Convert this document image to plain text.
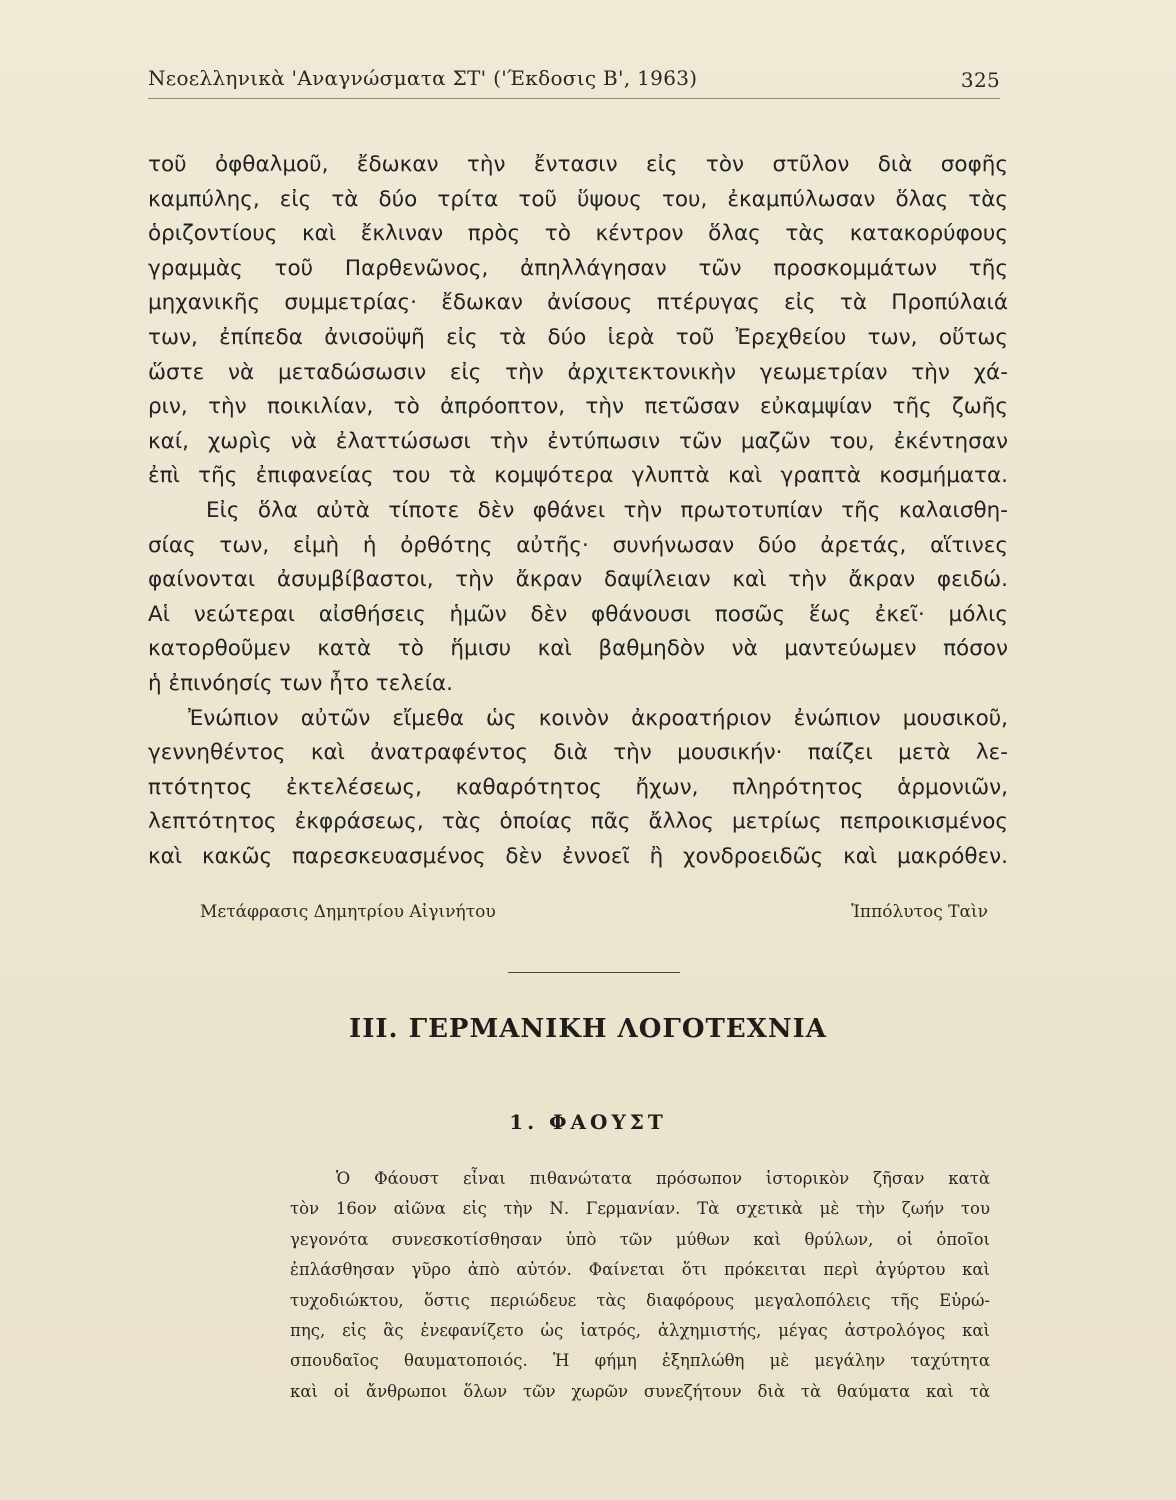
Νεοελληνικὰ 'Αναγνώσματα ΣΤ' ('Έκδοσις Β', 1963)	325
τοῦ ὀφθαλμοῦ, ἔδωκαν τὴν ἔντασιν εἰς τὸν στῦλον διὰ σοφῆς
καμπύλης, εἰς τὰ δύο τρίτα τοῦ ὕψους του, ἐκαμπύλωσαν ὅλας τὰς
ὁριζοντίους καὶ ἔκλιναν πρὸς τὸ κέντρον ὅλας τὰς κατακορύφους
γραμμὰς τοῦ Παρθενῶνος, ἀπηλλάγησαν τῶν προσκομμάτων τῆς
μηχανικῆς συμμετρίας· ἔδωκαν ἀνίσους πτέρυγας εἰς τὰ Προπύλαιά
των, ἐπίπεδα ἀνισοϋψῆ εἰς τὰ δύο ἱερὰ τοῦ Ἐρεχθείου των, οὕτως
ὥστε νὰ μεταδώσωσιν εἰς τὴν ἀρχιτεκτονικὴν γεωμετρίαν τὴν χά-
ριν, τὴν ποικιλίαν, τὸ ἀπρόοπτον, τὴν πετῶσαν εὐκαμψίαν τῆς ζωῆς
καί, χωρὶς νὰ ἐλαττώσωσι τὴν ἐντύπωσιν τῶν μαζῶν του, ἐκέντησαν
ἐπὶ τῆς ἐπιφανείας του τὰ κομψότερα γλυπτὰ καὶ γραπτὰ κοσμήματα.
Εἰς ὅλα αὐτὰ τίποτε δὲν φθάνει τὴν πρωτοτυπίαν τῆς καλαισθη-
σίας των, εἰμὴ ἡ ὀρθότης αὐτῆς· συνήνωσαν δύο ἀρετάς, αἵτινες
φαίνονται ἀσυμβίβαστοι, τὴν ἄκραν δαψίλειαν καὶ τὴν ἄκραν φειδώ.
Αἱ νεώτεραι αἰσθήσεις ἡμῶν δὲν φθάνουσι ποσῶς ἕως ἐκεῖ· μόλις
κατορθοῦμεν κατὰ τὸ ἥμισυ καὶ βαθμηδὸν νὰ μαντεύωμεν πόσον
ἡ ἐπινόησίς των ἦτο τελεία.
Ἐνώπιον αὐτῶν εἴμεθα ὡς κοινὸν ἀκροατήριον ἐνώπιον μουσικοῦ,
γεννηθέντος καὶ ἀνατραφέντος διὰ τὴν μουσικήν· παίζει μετὰ λε-
πτότητος ἐκτελέσεως, καθαρότητος ἤχων, πληρότητος ἁρμονιῶν,
λεπτότητος ἐκφράσεως, τὰς ὁποίας πᾶς ἄλλος μετρίως πεπροικισμένος
καὶ κακῶς παρεσκευασμένος δὲν ἐννοεῖ ἢ χονδροειδῶς καὶ μακρόθεν.
Μετάφρασις Δημητρίου Αἰγινήτου	Ἱππόλυτος Ταὶν
III. ΓΕΡΜΑΝΙΚΗ ΛΟΓΟΤΕΧΝΙΑ
1. ΦΑΟΥΣΤ
Ὁ Φάουστ εἶναι πιθανώτατα πρόσωπον ἱστορικὸν ζῆσαν κατὰ
τὸν 16ον αἰῶνα εἰς τὴν Ν. Γερμανίαν. Τὰ σχετικὰ μὲ τὴν ζωήν του
γεγονότα συνεσκοτίσθησαν ὑπὸ τῶν μύθων καὶ θρύλων, οἱ ὁποῖοι
ἐπλάσθησαν γῦρο ἀπὸ αὐτόν. Φαίνεται ὅτι πρόκειται περὶ ἀγύρτου καὶ
τυχοδιώκτου, ὅστις περιώδευε τὰς διαφόρους μεγαλοπόλεις τῆς Εὐρώ-
πης, εἰς ἃς ἐνεφανίζετο ὡς ἰατρός, ἀλχημιστής, μέγας ἀστρολόγος καὶ
σπουδαῖος θαυματοποιός. Ἡ φήμη ἐξηπλώθη μὲ μεγάλην ταχύτητα
καὶ οἱ ἄνθρωποι ὅλων τῶν χωρῶν συνεζήτουν διὰ τὰ θαύματα καὶ τὰ
